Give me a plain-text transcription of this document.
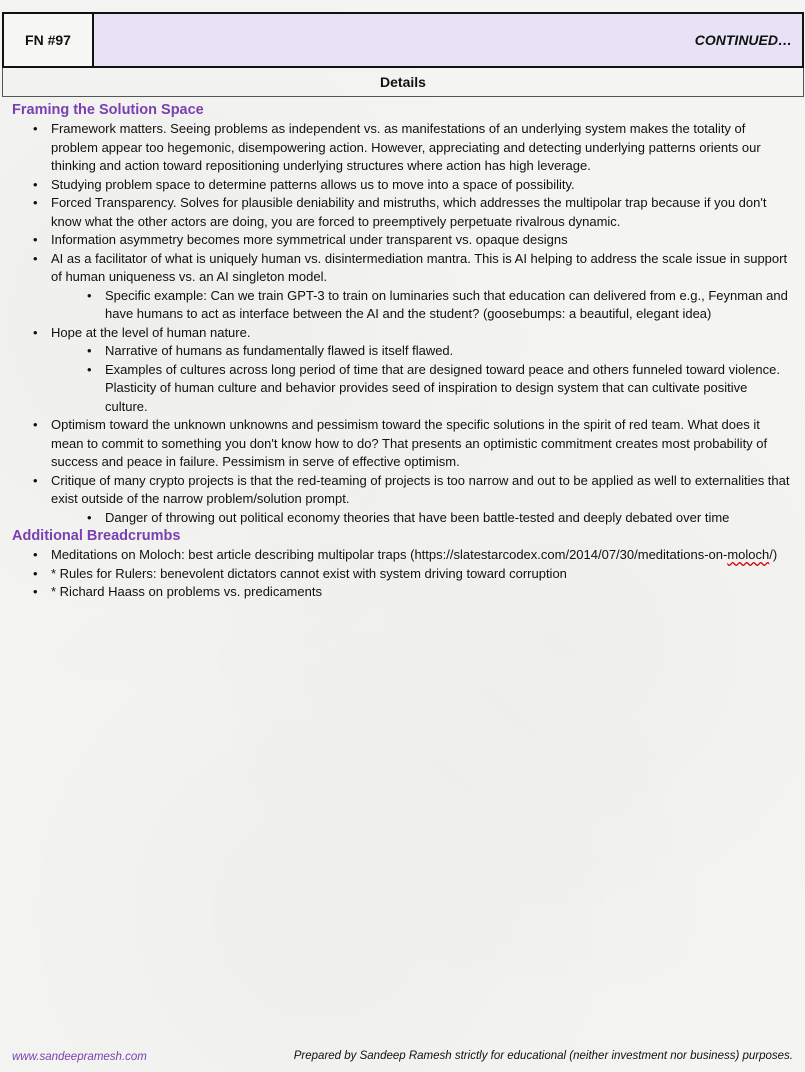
FN #97	CONTINUED…
Details
Framing the Solution Space
• Framework matters. Seeing problems as independent vs. as manifestations of an underlying system makes the totality of problem appear too hegemonic, disempowering action. However, appreciating and detecting underlying patterns orients our thinking and action toward repositioning underlying structures where action has high leverage.
• Studying problem space to determine patterns allows us to move into a space of possibility.
• Forced Transparency. Solves for plausible deniability and mistruths, which addresses the multipolar trap because if you don't know what the other actors are doing, you are forced to preemptively perpetuate rivalrous dynamic.
• Information asymmetry becomes more symmetrical under transparent vs. opaque designs
• AI as a facilitator of what is uniquely human vs. disintermediation mantra. This is AI helping to address the scale issue in support of human uniqueness vs. an AI singleton model.
• Specific example: Can we train GPT-3 to train on luminaries such that education can delivered from e.g., Feynman and have humans to act as interface between the AI and the student? (goosebumps: a beautiful, elegant idea)
• Hope at the level of human nature.
• Narrative of humans as fundamentally flawed is itself flawed.
• Examples of cultures across long period of time that are designed toward peace and others funneled toward violence. Plasticity of human culture and behavior provides seed of inspiration to design system that can cultivate positive culture.
• Optimism toward the unknown unknowns and pessimism toward the specific solutions in the spirit of red team. What does it mean to commit to something you don't know how to do? That presents an optimistic commitment creates most probability of success and peace in failure. Pessimism in serve of effective optimism.
• Critique of many crypto projects is that the red-teaming of projects is too narrow and out to be applied as well to externalities that exist outside of the narrow problem/solution prompt.
• Danger of throwing out political economy theories that have been battle-tested and deeply debated over time
Additional Breadcrumbs
• Meditations on Moloch: best article describing multipolar traps (https://slatestarcodex.com/2014/07/30/meditations-on-moloch/)
• * Rules for Rulers: benevolent dictators cannot exist with system driving toward corruption
• * Richard Haass on problems vs. predicaments
www.sandeepramesh.com	Prepared by Sandeep Ramesh strictly for educational (neither investment nor business) purposes.
